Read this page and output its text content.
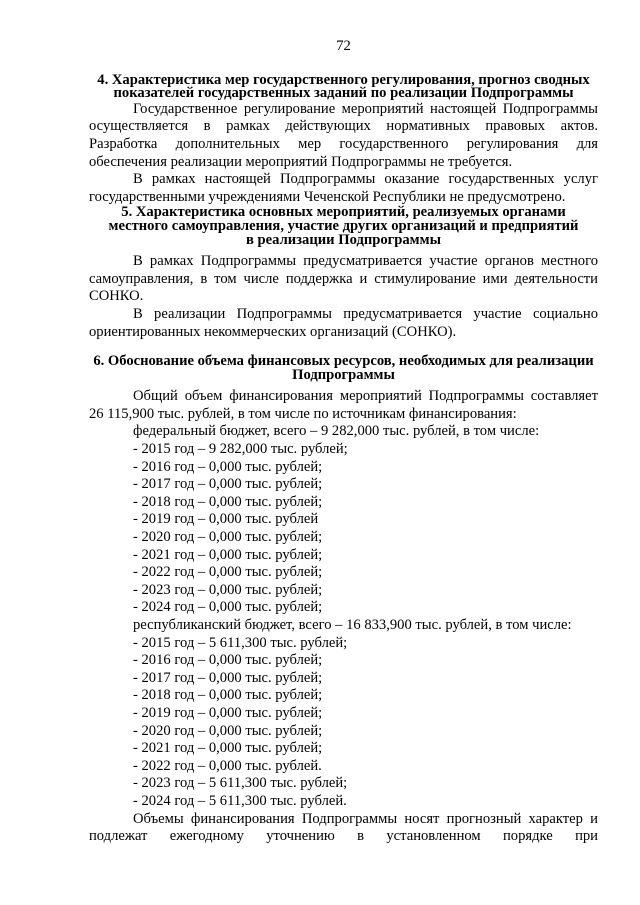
72
4. Характеристика мер государственного регулирования, прогноз сводных
показателей государственных заданий по реализации Подпрограммы

Государственное регулирование мероприятий настоящей Подпрограммы осуществляется в рамках действующих нормативных правовых актов. Разработка дополнительных мер государственного регулирования для обеспечения реализации мероприятий Подпрограммы не требуется.

В рамках настоящей Подпрограммы оказание государственных услуг государственными учреждениями Чеченской Республики не предусмотрено.

5. Характеристика основных мероприятий, реализуемых органами
местного самоуправления, участие других организаций и предприятий
в реализации Подпрограммы

В рамках Подпрограммы предусматривается участие органов местного самоуправления, в том числе поддержка и стимулирование ими деятельности СОНКО.

В реализации Подпрограммы предусматривается участие социально ориентированных некоммерческих организаций (СОНКО).

6. Обоснование объема финансовых ресурсов, необходимых для реализации
Подпрограммы

Общий объем финансирования мероприятий Подпрограммы составляет 26 115,900 тыс. рублей, в том числе по источникам финансирования:

федеральный бюджет, всего – 9 282,000 тыс. рублей, в том числе:
- 2015 год – 9 282,000 тыс. рублей;
- 2016 год – 0,000 тыс. рублей;
- 2017 год – 0,000 тыс. рублей;
- 2018 год – 0,000 тыс. рублей;
- 2019 год – 0,000 тыс. рублей
- 2020 год – 0,000 тыс. рублей;
- 2021 год – 0,000 тыс. рублей;
- 2022 год – 0,000 тыс. рублей;
- 2023 год – 0,000 тыс. рублей;
- 2024 год – 0,000 тыс. рублей;
республиканский бюджет, всего – 16 833,900 тыс. рублей, в том числе:
- 2015 год – 5 611,300 тыс. рублей;
- 2016 год – 0,000 тыс. рублей;
- 2017 год – 0,000 тыс. рублей;
- 2018 год – 0,000 тыс. рублей;
- 2019 год – 0,000 тыс. рублей;
- 2020 год – 0,000 тыс. рублей;
- 2021 год – 0,000 тыс. рублей;
- 2022 год – 0,000 тыс. рублей.
- 2023 год – 5 611,300 тыс. рублей;
- 2024 год – 5 611,300 тыс. рублей.

Объемы финансирования Подпрограммы носят прогнозный характер и подлежат ежегодному уточнению в установленном порядке при
